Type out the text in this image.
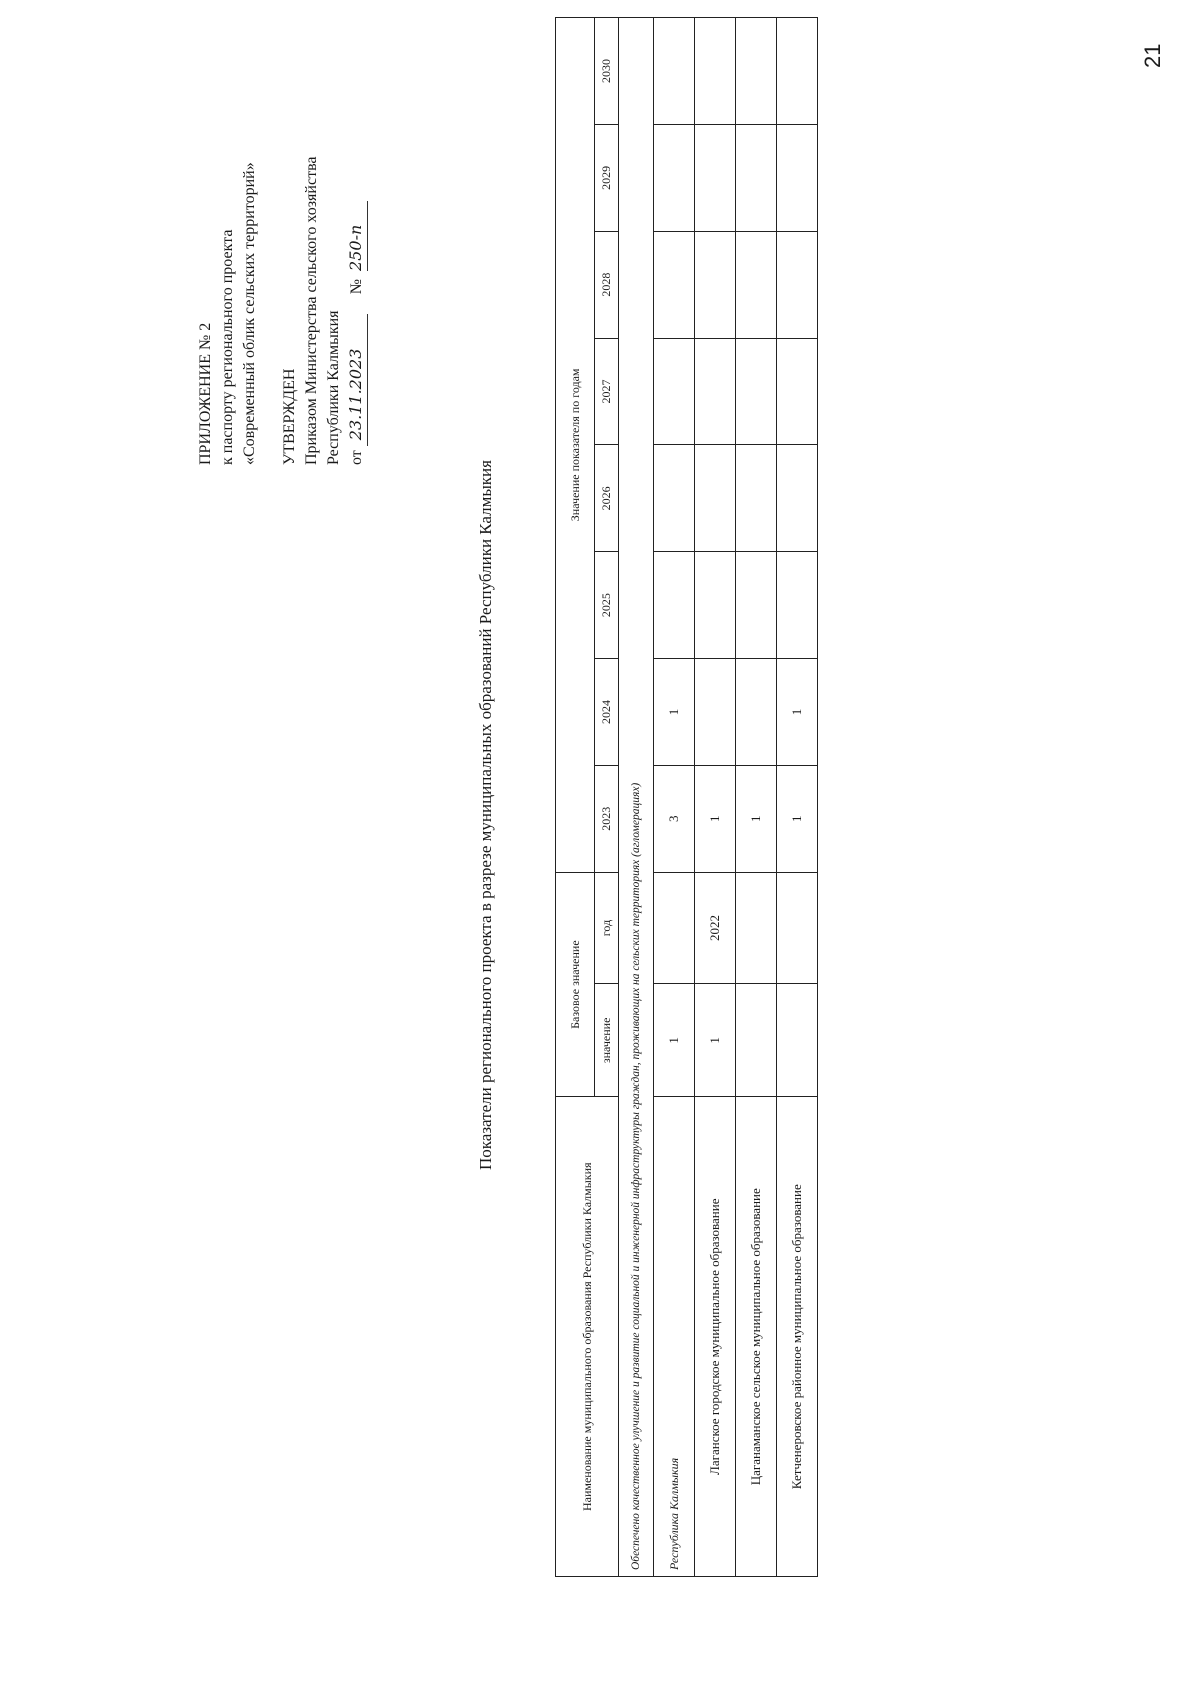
21
ПРИЛОЖЕНИЕ № 2 к паспорту регионального проекта «Современный облик сельских территорий» УТВЕРЖДЕН Приказом Министерства сельского хозяйства Республики Калмыкия от 23.11.2023     № 250-п
Показатели регионального проекта в разрезе муниципальных образований Республики Калмыкия
Наименование муниципального образования Республики Калмыкия	Базовое значение		Значение показателя по годам							
	значение	год	2023	2024	2025	2026	2027	2028	2029	2030
Обеспечено качественное улучшение и развитие социальной и инженерной инфраструктуры граждан, проживающих на сельских территориях (агломерациях)										
Республика Калмыкия	1		3	1						
Лаганское городское муниципальное образование	1	2022	1							
Цаганаманское сельское муниципальное образование			1							
Кетченеровское районное муниципальное образование			1	1						
